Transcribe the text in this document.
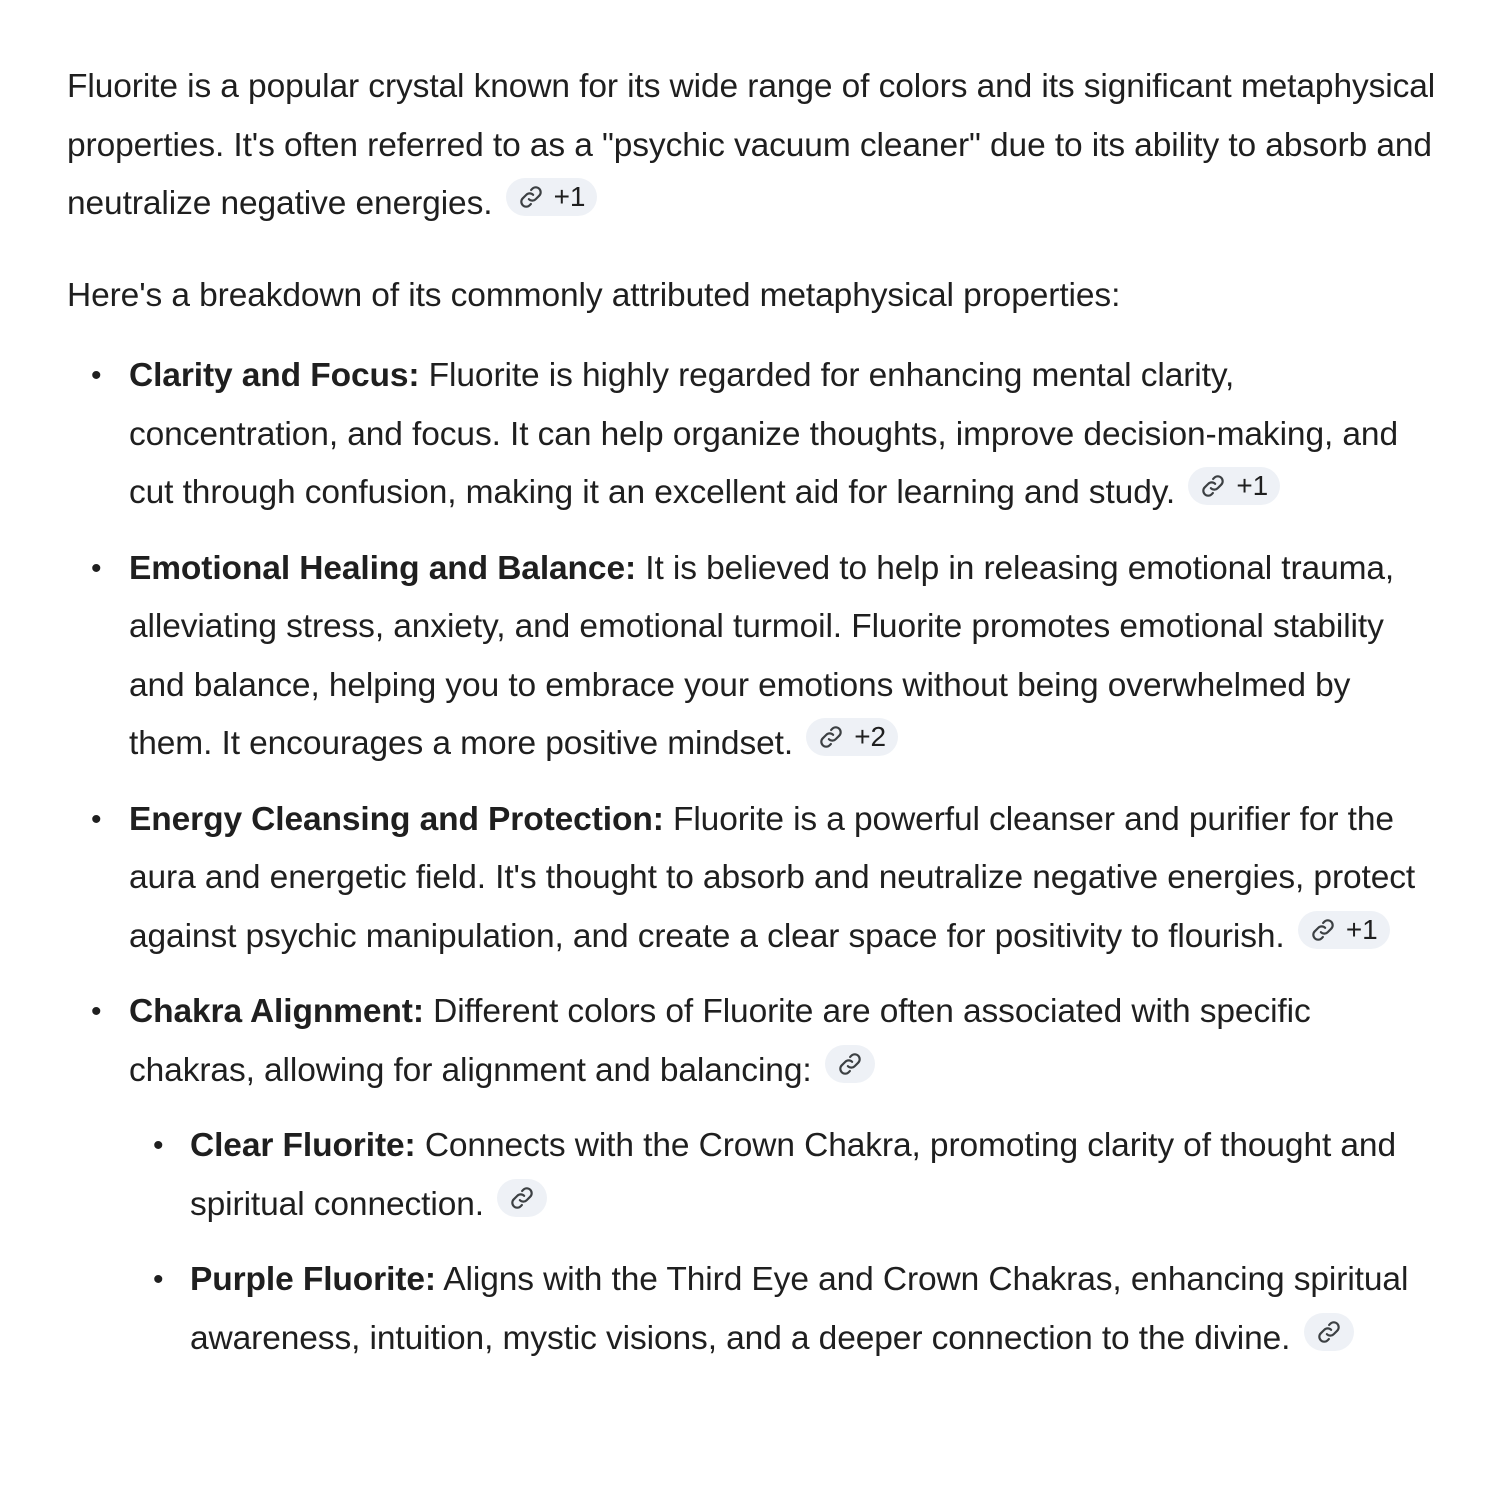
Fluorite is a popular crystal known for its wide range of colors and its significant metaphysical properties. It's often referred to as a "psychic vacuum cleaner" due to its ability to absorb and neutralize negative energies. +1

Here's a breakdown of its commonly attributed metaphysical properties:

• Clarity and Focus: Fluorite is highly regarded for enhancing mental clarity, concentration, and focus. It can help organize thoughts, improve decision-making, and cut through confusion, making it an excellent aid for learning and study. +1
• Emotional Healing and Balance: It is believed to help in releasing emotional trauma, alleviating stress, anxiety, and emotional turmoil. Fluorite promotes emotional stability and balance, helping you to embrace your emotions without being overwhelmed by them. It encourages a more positive mindset. +2
• Energy Cleansing and Protection: Fluorite is a powerful cleanser and purifier for the aura and energetic field. It's thought to absorb and neutralize negative energies, protect against psychic manipulation, and create a clear space for positivity to flourish. +1
• Chakra Alignment: Different colors of Fluorite are often associated with specific chakras, allowing for alignment and balancing:
• Clear Fluorite: Connects with the Crown Chakra, promoting clarity of thought and spiritual connection.
• Purple Fluorite: Aligns with the Third Eye and Crown Chakras, enhancing spiritual awareness, intuition, mystic visions, and a deeper connection to the divine.
